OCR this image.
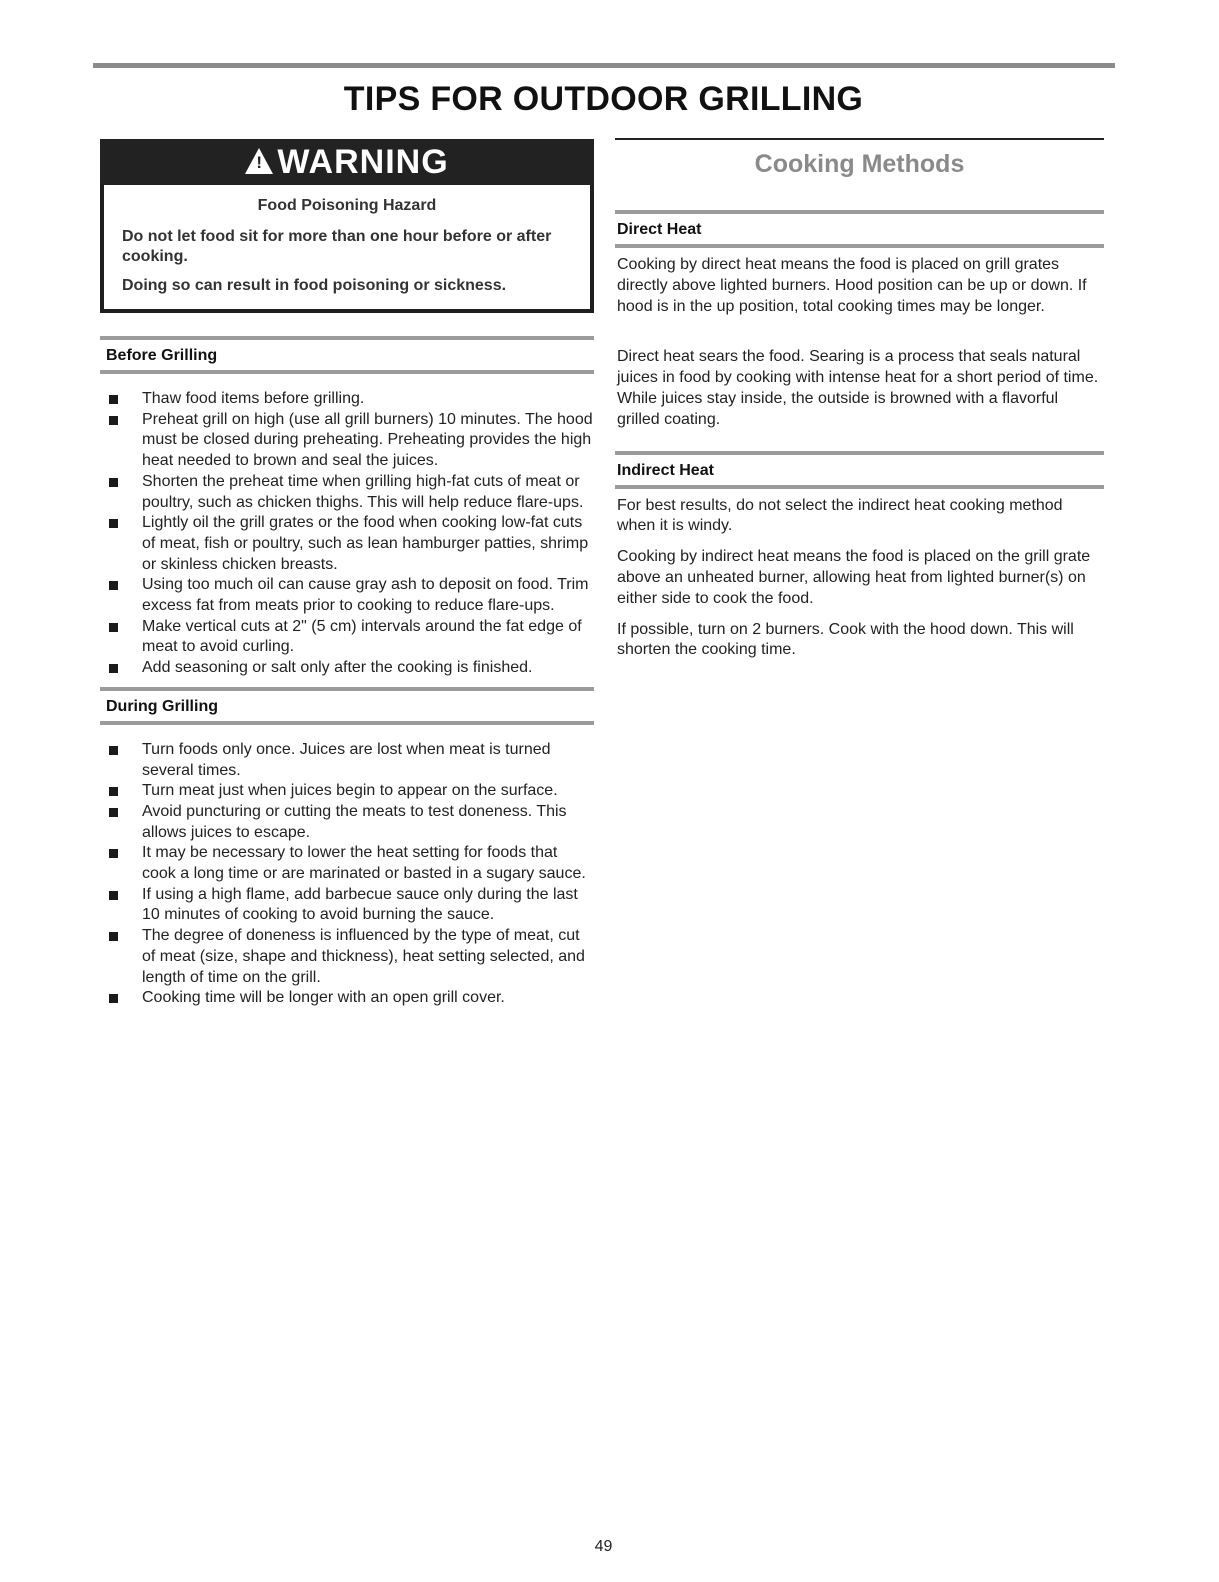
TIPS FOR OUTDOOR GRILLING
! WARNING
Food Poisoning Hazard
Do not let food sit for more than one hour before or after cooking.
Doing so can result in food poisoning or sickness.
Before Grilling
Thaw food items before grilling.
Preheat grill on high (use all grill burners) 10 minutes. The hood must be closed during preheating. Preheating provides the high heat needed to brown and seal the juices.
Shorten the preheat time when grilling high-fat cuts of meat or poultry, such as chicken thighs. This will help reduce flare-ups.
Lightly oil the grill grates or the food when cooking low-fat cuts of meat, fish or poultry, such as lean hamburger patties, shrimp or skinless chicken breasts.
Using too much oil can cause gray ash to deposit on food. Trim excess fat from meats prior to cooking to reduce flare-ups.
Make vertical cuts at 2" (5 cm) intervals around the fat edge of meat to avoid curling.
Add seasoning or salt only after the cooking is finished.
During Grilling
Turn foods only once. Juices are lost when meat is turned several times.
Turn meat just when juices begin to appear on the surface.
Avoid puncturing or cutting the meats to test doneness. This allows juices to escape.
It may be necessary to lower the heat setting for foods that cook a long time or are marinated or basted in a sugary sauce.
If using a high flame, add barbecue sauce only during the last 10 minutes of cooking to avoid burning the sauce.
The degree of doneness is influenced by the type of meat, cut of meat (size, shape and thickness), heat setting selected, and length of time on the grill.
Cooking time will be longer with an open grill cover.
Cooking Methods
Direct Heat

Cooking by direct heat means the food is placed on grill grates directly above lighted burners. Hood position can be up or down. If hood is in the up position, total cooking times may be longer.

Direct heat sears the food. Searing is a process that seals natural juices in food by cooking with intense heat for a short period of time. While juices stay inside, the outside is browned with a flavorful grilled coating.

Indirect Heat

For best results, do not select the indirect heat cooking method when it is windy.

Cooking by indirect heat means the food is placed on the grill grate above an unheated burner, allowing heat from lighted burner(s) on either side to cook the food.

If possible, turn on 2 burners. Cook with the hood down. This will shorten the cooking time.

49
